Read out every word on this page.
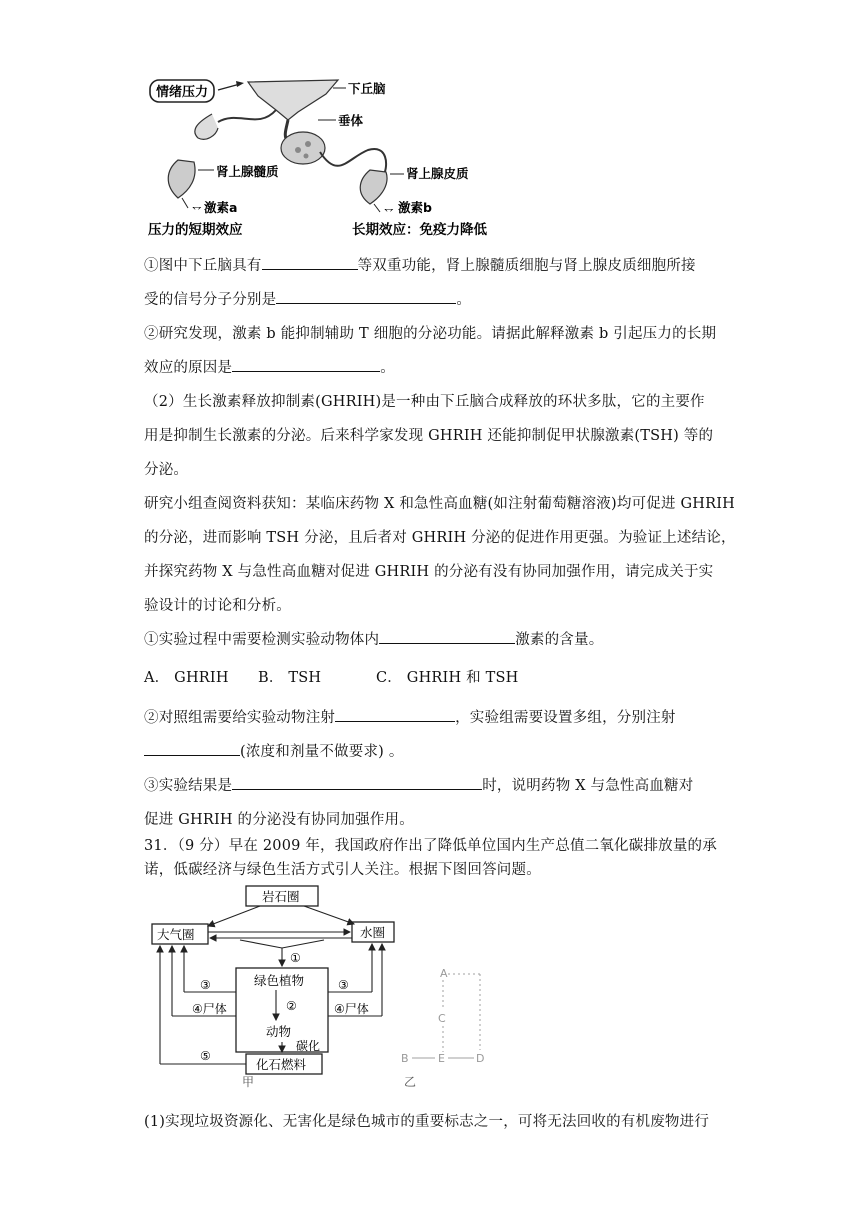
情绪压力	下丘脑
垂体
肾上腺髓质
激素a
⥐
压力的短期效应
肾上腺皮质
⥐ 激素b
长期效应：免疫力降低
①图中下丘脑具有	等双重功能，肾上腺髓质细胞与肾上腺皮质细胞所接
受的信号分子分别是	。
②研究发现，激素 b 能抑制辅助 T 细胞的分泌功能。请据此解释激素 b 引起压力的长期
效应的原因是	。
（2）生长激素释放抑制素(GHRIH)是一种由下丘脑合成释放的环状多肽，它的主要作
用是抑制生长激素的分泌。后来科学家发现 GHRIH 还能抑制促甲状腺激素(TSH) 等的
分泌。
研究小组查阅资料获知：某临床药物 X 和急性高血糖(如注射葡萄糖溶液)均可促进 GHRIH
的分泌，进而影响 TSH 分泌，且后者对 GHRIH 分泌的促进作用更强。为验证上述结论，
并探究药物 X 与急性高血糖对促进 GHRIH 的分泌有没有协同加强作用，请完成关于实
验设计的讨论和分析。
①实验过程中需要检测实验动物体内	激素的含量。
A． GHRIH B． TSH	C． GHRIH 和 TSH
②对照组需要给实验动物注射	，实验组需要设置多组，分别注射
(浓度和剂量不做要求) 。
③实验结果是	时，说明药物 X 与急性高血糖对
促进 GHRIH 的分泌没有协同加强作用。
31．（9 分）早在 2009 年，我国政府作出了降低单位国内生产总值二氧化碳排放量的承
诺，低碳经济与绿色生活方式引人关注。根据下图回答问题。
岩石圈
大气圈	水圈
绿色植物
动物
化石燃料
①
②
碳化
③
④尸体
③
④尸体
⑤
甲
A
C
B	E	D
乙
(1)实现垃圾资源化、无害化是绿色城市的重要标志之一，可将无法回收的有机废物进行
